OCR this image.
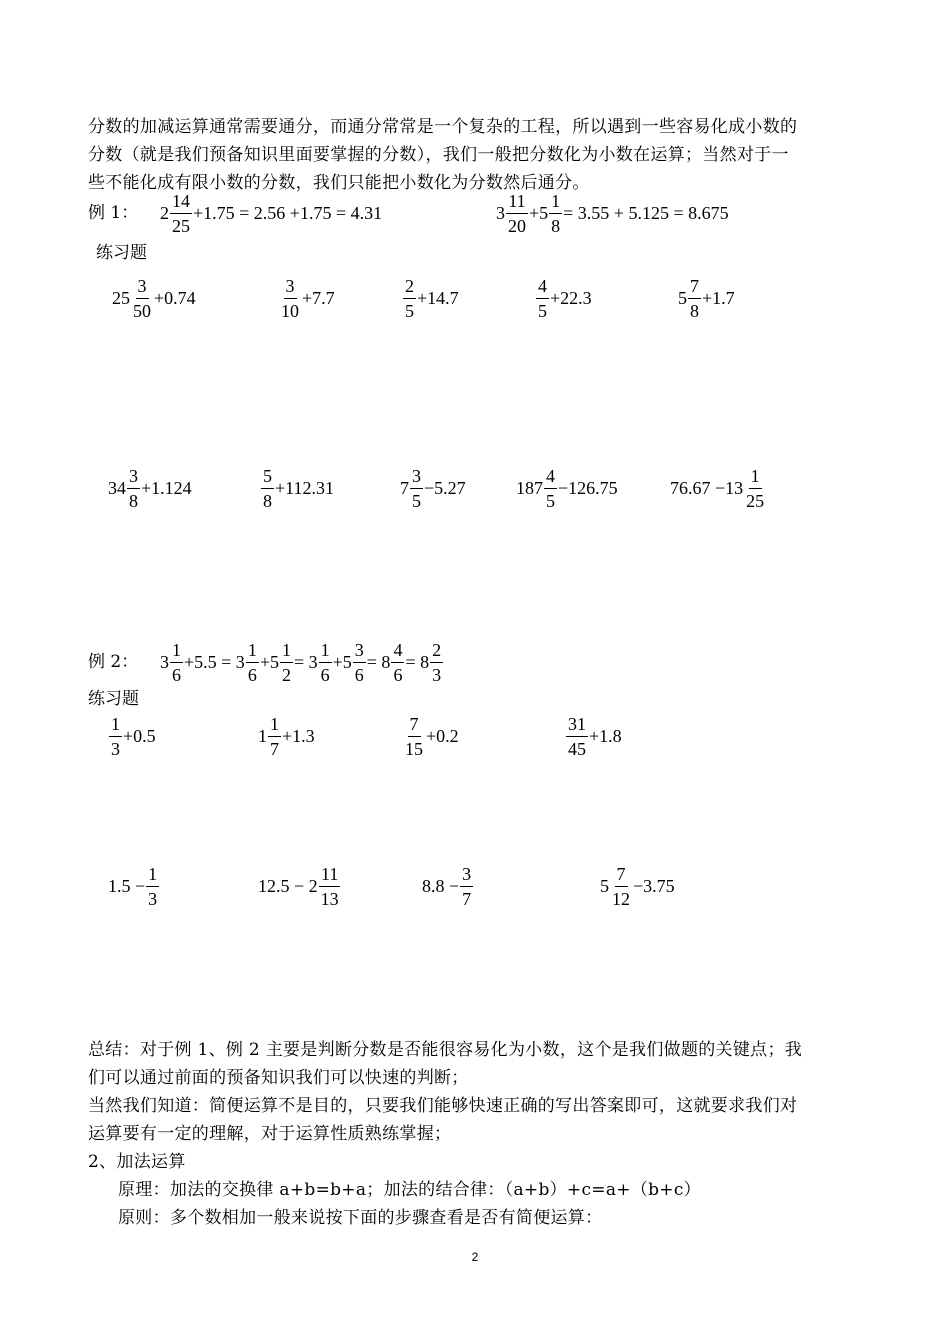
分数的加减运算通常需要通分，而通分常常是一个复杂的工程，所以遇到一些容易化成小数的
分数（就是我们预备知识里面要掌握的分数），我们一般把分数化为小数在运算；当然对于一
些不能化成有限小数的分数，我们只能把小数化为分数然后通分。
例 1： $2 \frac{14}{25} +1.75 = 2.56 +1.75 = 4.31$	$3 \frac{11}{20} +5 \frac{1}{8} = 3.55 + 5.125 = 8.675$
练习题
$25 \frac{3}{50} +0.74$	$\frac{3}{10} +7.7$	$\frac{2}{5} +14.7$	$\frac{4}{5} +22.3$	$5 \frac{7}{8} +1.7$
$34 \frac{3}{8} +1.124$	$\frac{5}{8} +112.31$	$7 \frac{3}{5} -5.27$	$187 \frac{4}{5} -126.75$	$76.67 -13 \frac{1}{25}$
例 2： $3 \frac{1}{6} +5.5 = 3 \frac{1}{6} +5 \frac{1}{2} = 3 \frac{1}{6} +5 \frac{3}{6} = 8 \frac{4}{6} = 8 \frac{2}{3}$
练习题
$\frac{1}{3} +0.5$	$1 \frac{1}{7} +1.3$	$\frac{7}{15} +0.2$	$\frac{31}{45} +1.8$
$1.5 - \frac{1}{3}$	$12.5 - 2 \frac{11}{13}$	$8.8 - \frac{3}{7}$	$5 \frac{7}{12} -3.75$
总结：对于例 1、例 2 主要是判断分数是否能很容易化为小数，这个是我们做题的关键点；我
们可以通过前面的预备知识我们可以快速的判断；
当然我们知道：简便运算不是目的，只要我们能够快速正确的写出答案即可，这就要求我们对
运算要有一定的理解，对于运算性质熟练掌握；
2、加法运算
原理：加法的交换律 a+b=b+a；加法的结合律：（a+b）+c=a+（b+c）
原则：多个数相加一般来说按下面的步骤查看是否有简便运算：
2
